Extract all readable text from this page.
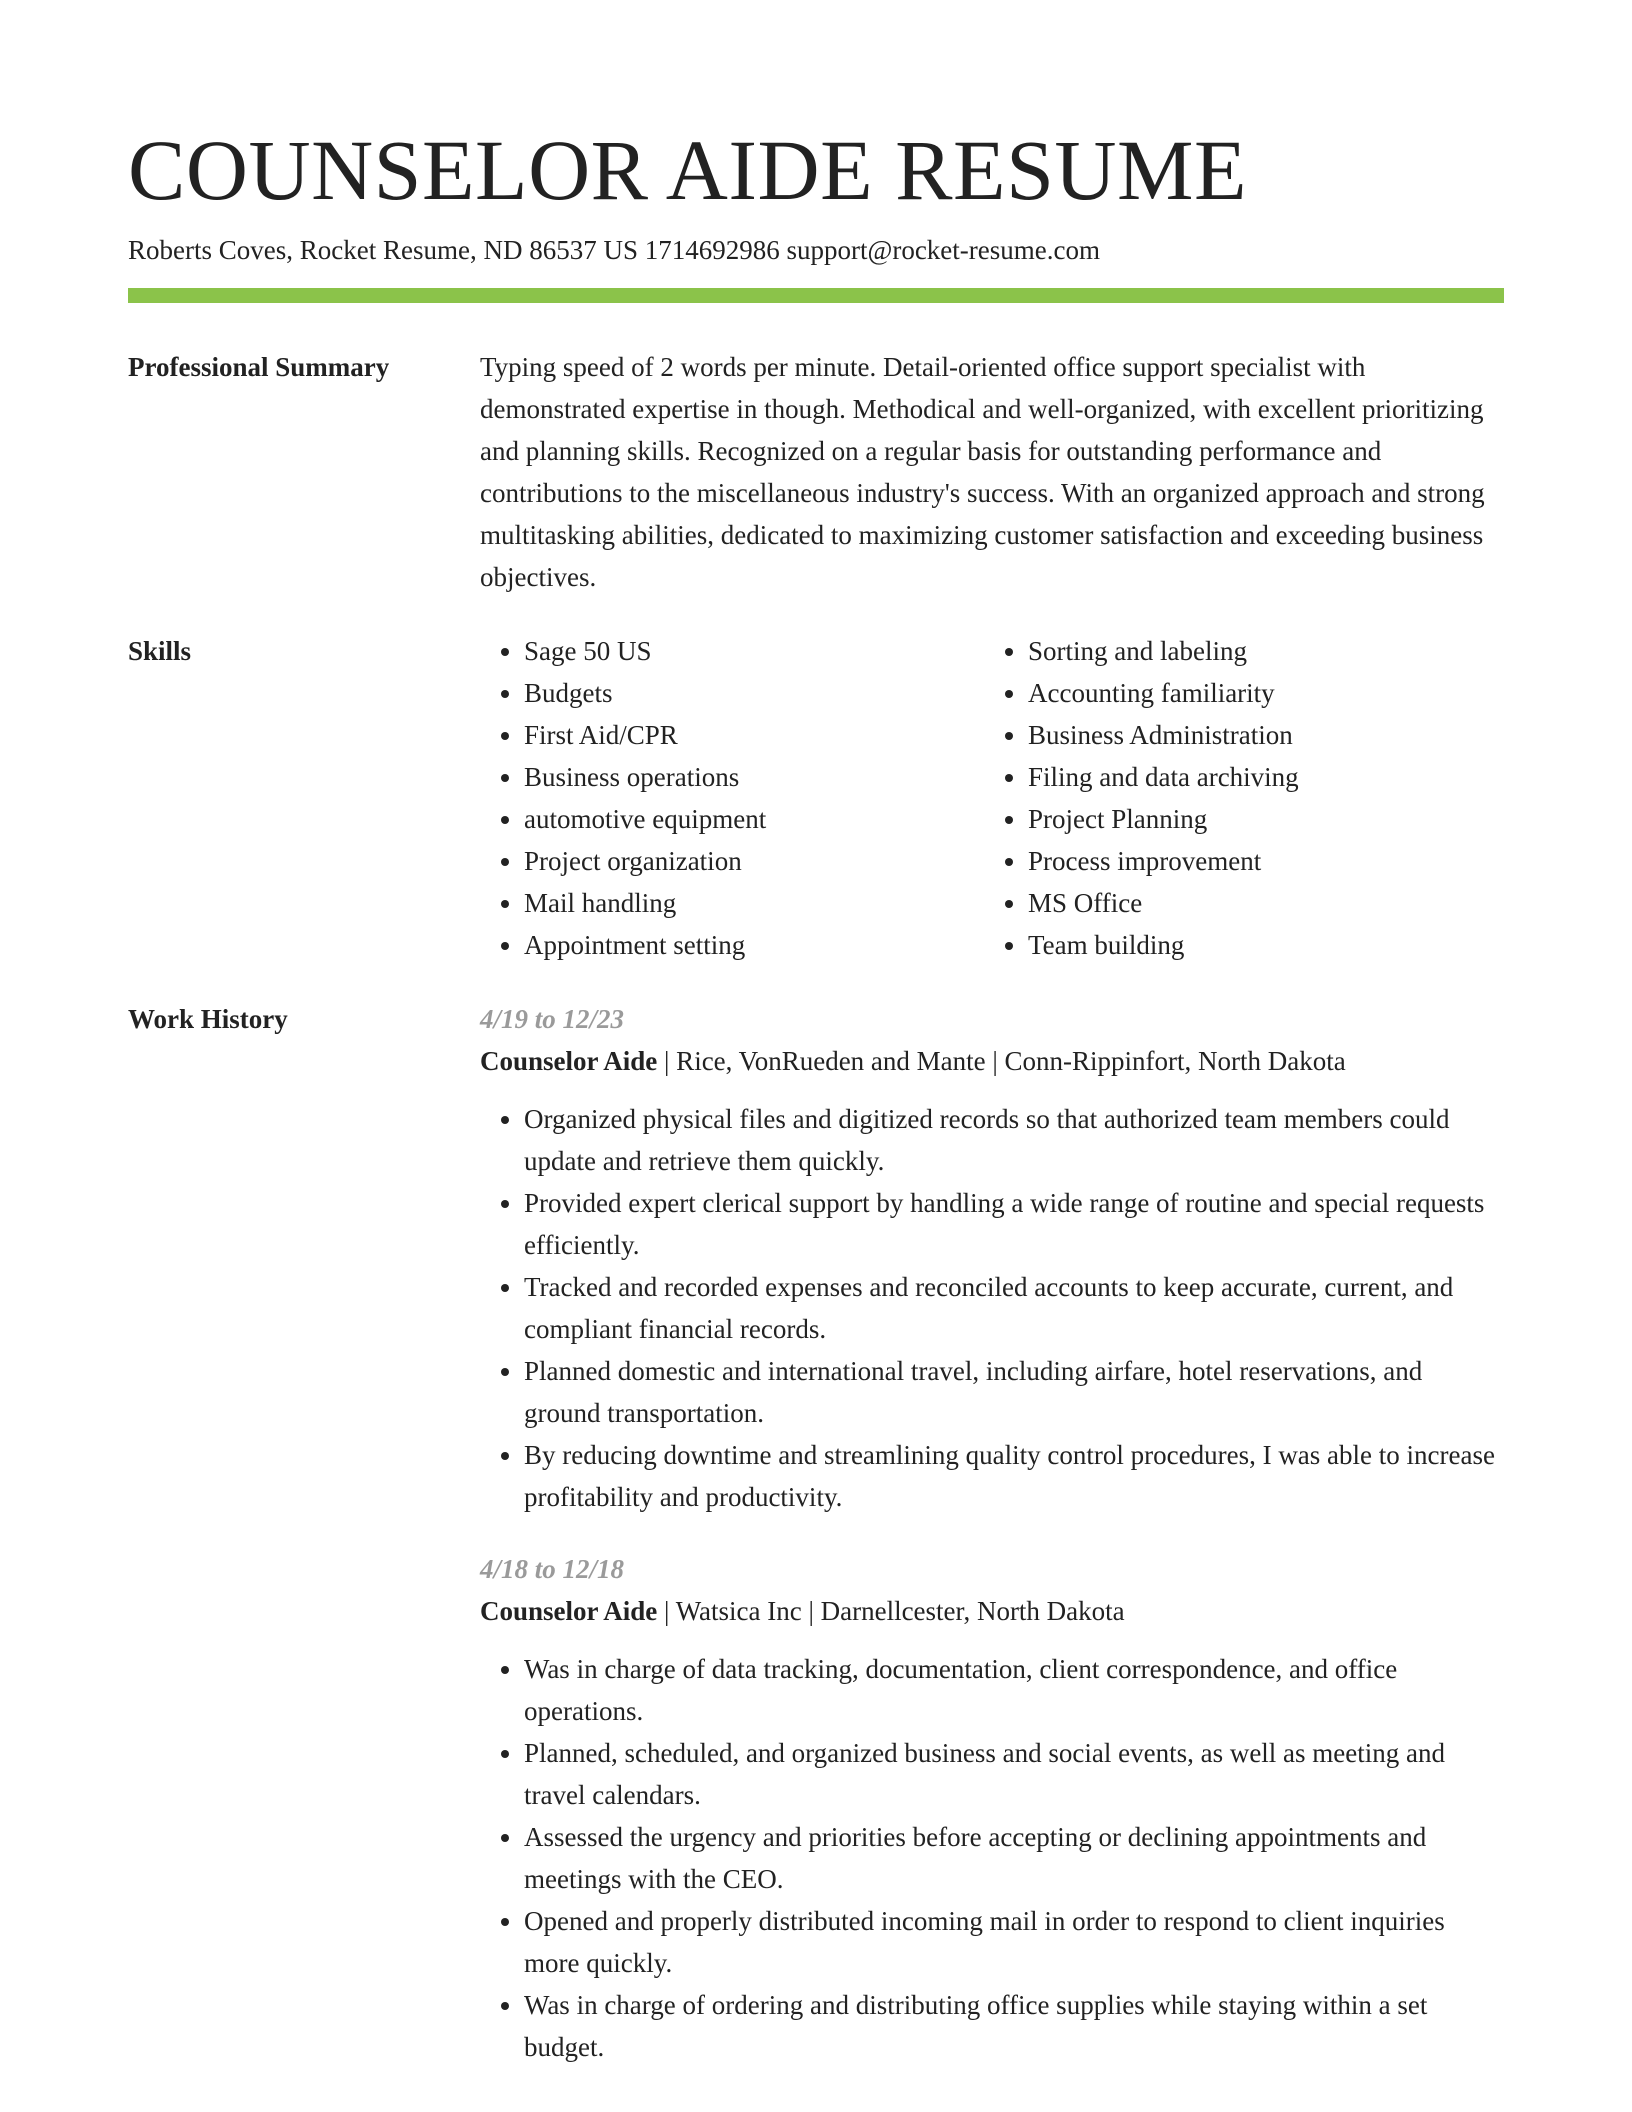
COUNSELOR AIDE RESUME
Roberts Coves, Rocket Resume, ND 86537 US 1714692986 support@rocket-resume.com
Professional Summary	Typing speed of 2 words per minute. Detail-oriented office support specialist with demonstrated expertise in though. Methodical and well-organized, with excellent prioritizing and planning skills. Recognized on a regular basis for outstanding performance and contributions to the miscellaneous industry's success. With an organized approach and strong multitasking abilities, dedicated to maximizing customer satisfaction and exceeding business objectives.

Skills
•	Sage 50 US
• Budgets
• First Aid/CPR
• Business operations
• automotive equipment
• Project organization
• Mail handling
• Appointment setting
• Sorting and labeling
• Accounting familiarity
• Business Administration
• Filing and data archiving
• Project Planning
• Process improvement
• MS Office
• Team building
Work History	4/19 to 12/23
Counselor Aide | Rice, VonRueden and Mante | Conn-Rippinfort, North Dakota
• Organized physical files and digitized records so that authorized team members could update and retrieve them quickly.
• Provided expert clerical support by handling a wide range of routine and special requests efficiently.
• Tracked and recorded expenses and reconciled accounts to keep accurate, current, and compliant financial records.
• Planned domestic and international travel, including airfare, hotel reservations, and ground transportation.
• By reducing downtime and streamlining quality control procedures, I was able to increase profitability and productivity.
4/18 to 12/18
Counselor Aide | Watsica Inc | Darnellcester, North Dakota
• Was in charge of data tracking, documentation, client correspondence, and office operations.
• Planned, scheduled, and organized business and social events, as well as meeting and travel calendars.
• Assessed the urgency and priorities before accepting or declining appointments and meetings with the CEO.
• Opened and properly distributed incoming mail in order to respond to client inquiries more quickly.
• Was in charge of ordering and distributing office supplies while staying within a set budget.
